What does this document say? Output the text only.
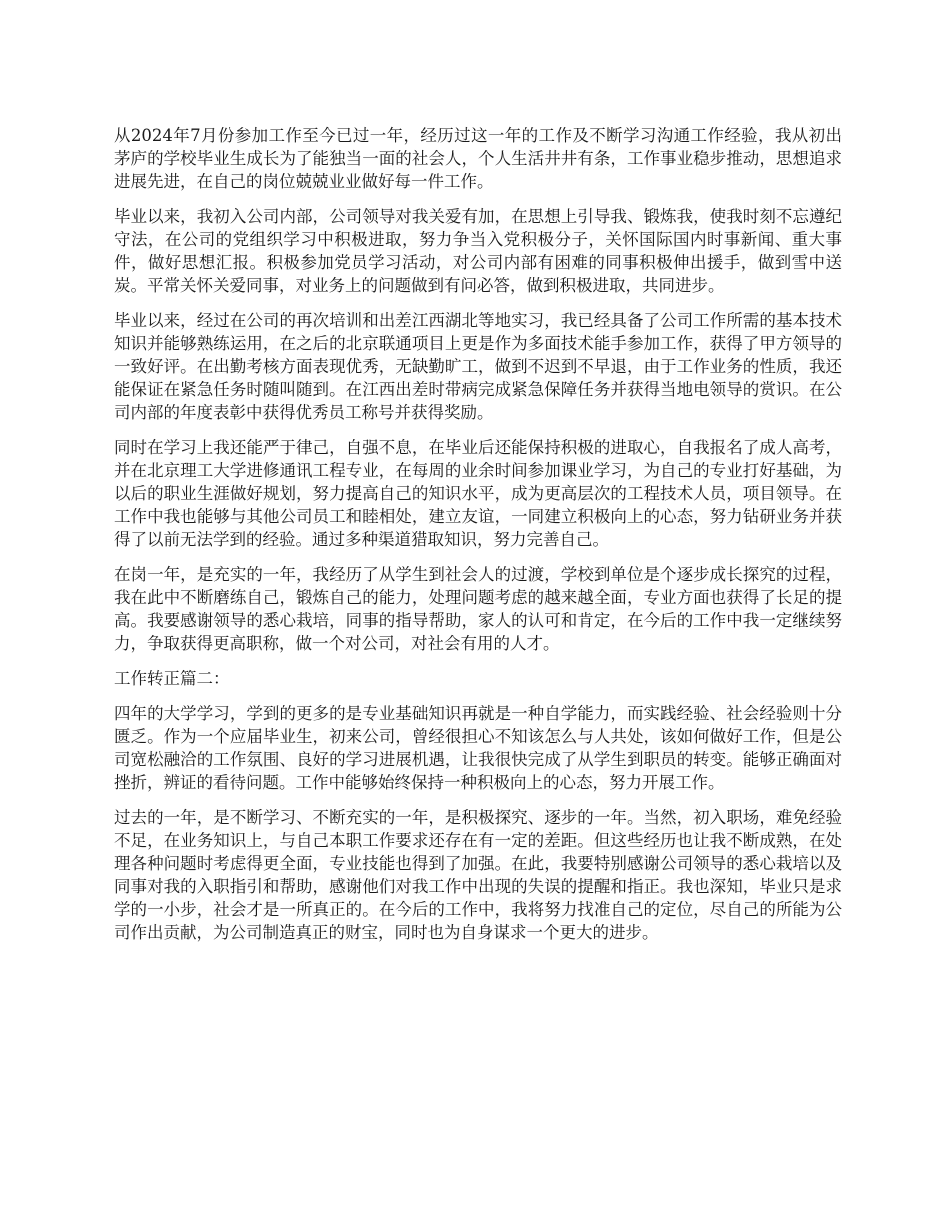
从2024年7月份参加工作至今已过一年，经历过这一年的工作及不断学习沟通工作经验，我从初出茅庐的学校毕业生成长为了能独当一面的社会人，个人生活井井有条，工作事业稳步推动，思想追求进展先进，在自己的岗位兢兢业业做好每一件工作。

毕业以来，我初入公司内部，公司领导对我关爱有加，在思想上引导我、锻炼我，使我时刻不忘遵纪守法，在公司的党组织学习中积极进取，努力争当入党积极分子，关怀国际国内时事新闻、重大事件，做好思想汇报。积极参加党员学习活动，对公司内部有困难的同事积极伸出援手，做到雪中送炭。平常关怀关爱同事，对业务上的问题做到有问必答，做到积极进取，共同进步。

毕业以来，经过在公司的再次培训和出差江西湖北等地实习，我已经具备了公司工作所需的基本技术知识并能够熟练运用，在之后的北京联通项目上更是作为多面技术能手参加工作，获得了甲方领导的一致好评。在出勤考核方面表现优秀，无缺勤旷工，做到不迟到不早退，由于工作业务的性质，我还能保证在紧急任务时随叫随到。在江西出差时带病完成紧急保障任务并获得当地电领导的赏识。在公司内部的年度表彰中获得优秀员工称号并获得奖励。

同时在学习上我还能严于律己，自强不息，在毕业后还能保持积极的进取心，自我报名了成人高考，并在北京理工大学进修通讯工程专业，在每周的业余时间参加课业学习，为自己的专业打好基础，为以后的职业生涯做好规划，努力提高自己的知识水平，成为更高层次的工程技术人员，项目领导。在工作中我也能够与其他公司员工和睦相处，建立友谊，一同建立积极向上的心态，努力钻研业务并获得了以前无法学到的经验。通过多种渠道猎取知识，努力完善自己。

在岗一年，是充实的一年，我经历了从学生到社会人的过渡，学校到单位是个逐步成长探究的过程，我在此中不断磨练自己，锻炼自己的能力，处理问题考虑的越来越全面，专业方面也获得了长足的提高。我要感谢领导的悉心栽培，同事的指导帮助，家人的认可和肯定，在今后的工作中我一定继续努力，争取获得更高职称，做一个对公司，对社会有用的人才。

工作转正篇二：

四年的大学学习，学到的更多的是专业基础知识再就是一种自学能力，而实践经验、社会经验则十分匮乏。作为一个应届毕业生，初来公司，曾经很担心不知该怎么与人共处，该如何做好工作，但是公司宽松融洽的工作氛围、良好的学习进展机遇，让我很快完成了从学生到职员的转变。能够正确面对挫折，辨证的看待问题。工作中能够始终保持一种积极向上的心态，努力开展工作。

过去的一年，是不断学习、不断充实的一年，是积极探究、逐步的一年。当然，初入职场，难免经验不足，在业务知识上，与自己本职工作要求还存在有一定的差距。但这些经历也让我不断成熟，在处理各种问题时考虑得更全面，专业技能也得到了加强。在此，我要特别感谢公司领导的悉心栽培以及同事对我的入职指引和帮助，感谢他们对我工作中出现的失误的提醒和指正。我也深知，毕业只是求学的一小步，社会才是一所真正的。在今后的工作中，我将努力找准自己的定位，尽自己的所能为公司作出贡献，为公司制造真正的财宝，同时也为自身谋求一个更大的进步。
